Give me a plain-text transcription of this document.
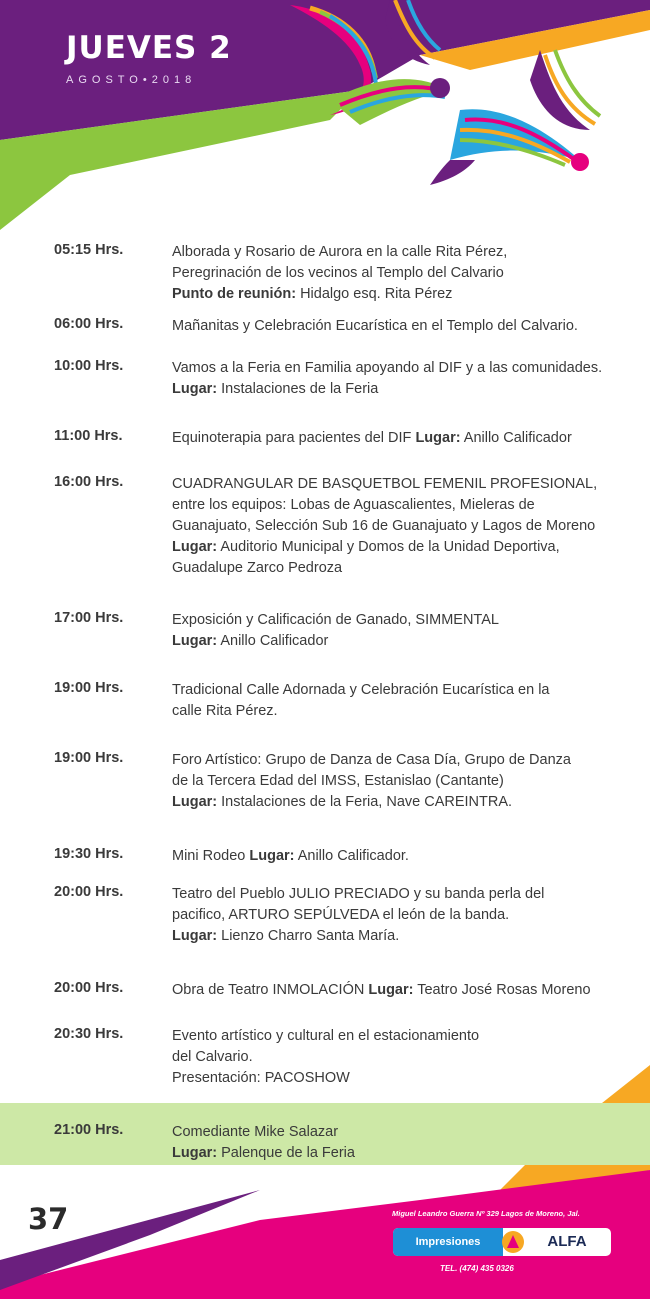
JUEVES 2
AGOSTO•2018
05:15 Hrs.	Alborada y Rosario de Aurora en la calle Rita Pérez,
Peregrinación de los vecinos al Templo del Calvario
Punto de reunión: Hidalgo esq. Rita Pérez
06:00 Hrs.	Mañanitas y Celebración Eucarística en el Templo del Calvario.
10:00 Hrs.	Vamos a la Feria en Familia apoyando al DIF y a las comunidades.
Lugar: Instalaciones de la Feria
11:00 Hrs.	Equinoterapia para pacientes del DIF Lugar: Anillo Calificador
16:00 Hrs.	CUADRANGULAR DE BASQUETBOL FEMENIL PROFESIONAL,
entre los equipos: Lobas de Aguascalientes, Mieleras de
Guanajuato, Selección Sub 16 de Guanajuato y Lagos de Moreno
Lugar: Auditorio Municipal y Domos de la Unidad Deportiva,
Guadalupe Zarco Pedroza
17:00 Hrs.	Exposición y Calificación de Ganado, SIMMENTAL
Lugar: Anillo Calificador
19:00 Hrs.	Tradicional Calle Adornada y Celebración Eucarística en la
calle Rita Pérez.
19:00 Hrs.	Foro Artístico: Grupo de Danza de Casa Día, Grupo de Danza
de la Tercera Edad del IMSS, Estanislao (Cantante)
Lugar: Instalaciones de la Feria, Nave CAREINTRA.
19:30 Hrs.	Mini Rodeo Lugar: Anillo Calificador.
20:00 Hrs.	Teatro del Pueblo JULIO PRECIADO y su banda perla del
pacifico, ARTURO SEPÚLVEDA el león de la banda.
Lugar: Lienzo Charro Santa María.
20:00 Hrs.	Obra de Teatro INMOLACIÓN Lugar: Teatro José Rosas Moreno
20:30 Hrs.	Evento artístico y cultural en el estacionamiento
del Calvario.
Presentación: PACOSHOW
21:00 Hrs.	Comediante Mike Salazar
Lugar: Palenque de la Feria
37	Miguel Leandro Guerra Nº 329 Lagos de Moreno, Jal.
Impresiones	ALFA
TEL. (474) 435 0326
